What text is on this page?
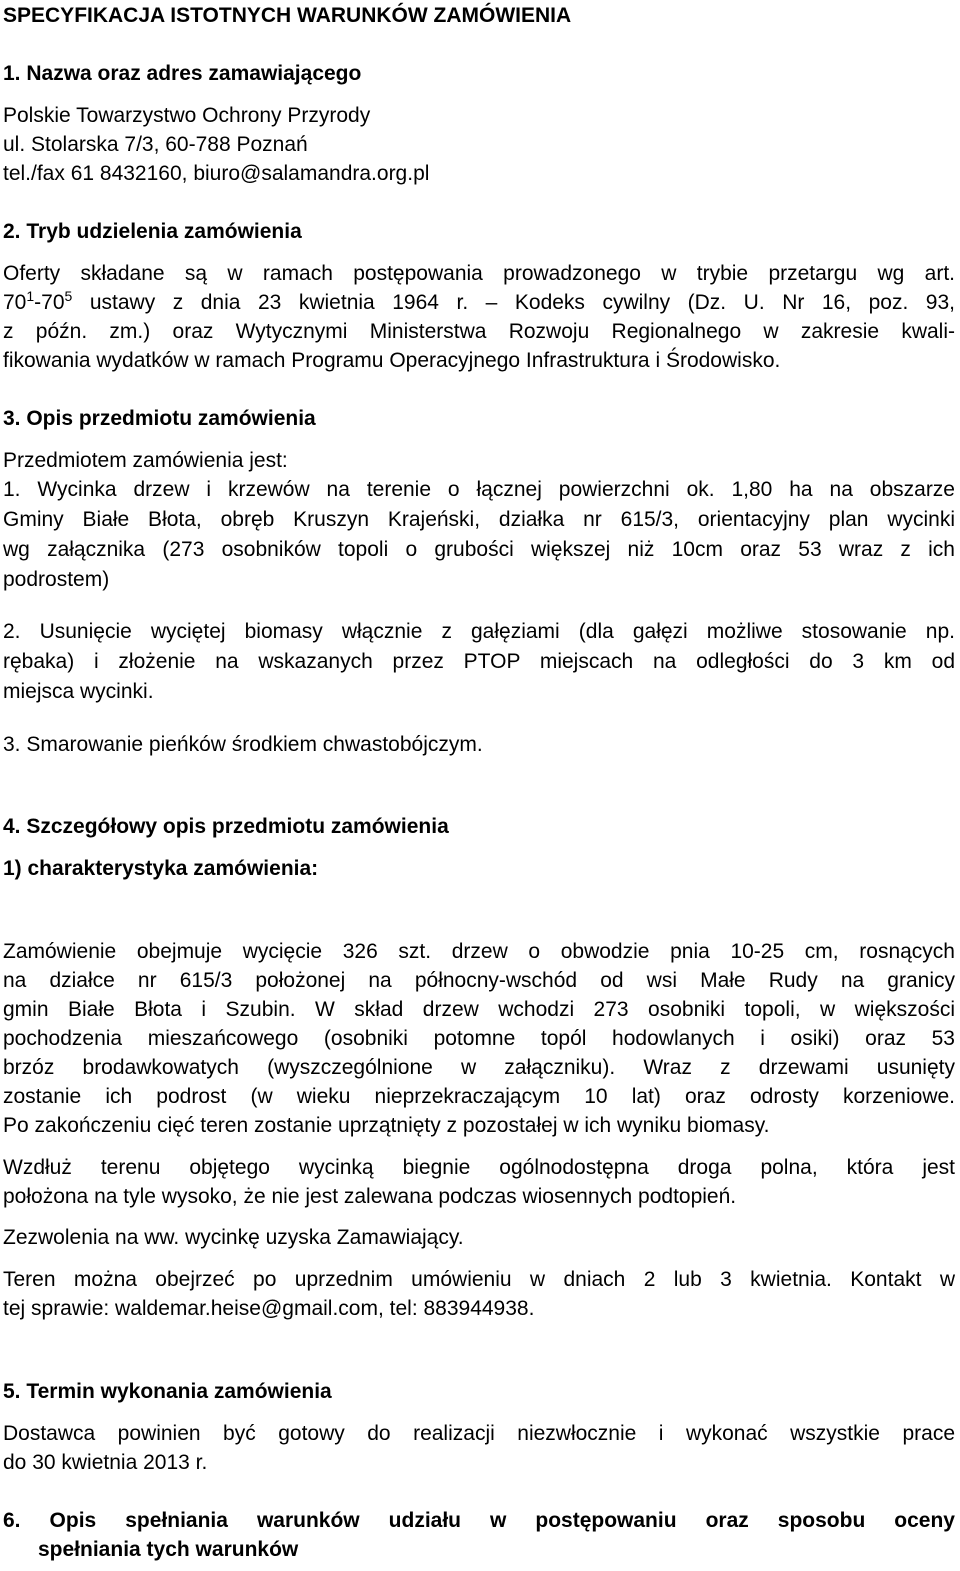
SPECYFIKACJA ISTOTNYCH WARUNKÓW ZAMÓWIENIA
1. Nazwa oraz adres zamawiającego
Polskie Towarzystwo Ochrony Przyrody
ul. Stolarska 7/3, 60-788 Poznań
tel./fax 61 8432160, biuro@salamandra.org.pl
2. Tryb udzielenia zamówienia
Oferty składane są w ramach postępowania prowadzonego w trybie przetargu wg art.
$70^1-70^5$ ustawy z dnia 23 kwietnia 1964 r. – Kodeks cywilny (Dz. U. Nr 16, poz. 93,
z późn. zm.) oraz Wytycznymi Ministerstwa Rozwoju Regionalnego w zakresie kwali-
fikowania wydatków w ramach Programu Operacyjnego Infrastruktura i Środowisko.
3. Opis przedmiotu zamówienia
Przedmiotem zamówienia jest:
1. Wycinka drzew i krzewów na terenie o łącznej powierzchni ok. 1,80 ha na obszarze
Gminy Białe Błota, obręb Kruszyn Krajeński, działka nr 615/3, orientacyjny plan wycinki
wg załącznika (273 osobników topoli o grubości większej niż 10cm oraz 53 wraz z ich
podrostem)
2. Usunięcie wyciętej biomasy włącznie z gałęziami (dla gałęzi możliwe stosowanie np.
rębaka) i złożenie na wskazanych przez PTOP miejscach na odległości do 3 km od
miejsca wycinki.
3. Smarowanie pieńków środkiem chwastobójczym.
4. Szczegółowy opis przedmiotu zamówienia
1) charakterystyka zamówienia:
Zamówienie obejmuje wycięcie 326 szt. drzew o obwodzie pnia 10-25 cm, rosnących
na działce nr 615/3 położonej na północny-wschód od wsi Małe Rudy na granicy
gmin Białe Błota i Szubin. W skład drzew wchodzi 273 osobniki topoli, w większości
pochodzenia mieszańcowego (osobniki potomne topól hodowlanych i osiki) oraz 53
brzóz brodawkowatych (wyszczególnione w załączniku). Wraz z drzewami usunięty
zostanie ich podrost (w wieku nieprzekraczającym 10 lat) oraz odrosty korzeniowe.
Po zakończeniu cięć teren zostanie uprzątnięty z pozostałej w ich wyniku biomasy.
Wzdłuż terenu objętego wycinką biegnie ogólnodostępna droga polna, która jest
położona na tyle wysoko, że nie jest zalewana podczas wiosennych podtopień.
Zezwolenia na ww. wycinkę uzyska Zamawiający.
Teren można obejrzeć po uprzednim umówieniu w dniach 2 lub 3 kwietnia. Kontakt w
tej sprawie: waldemar.heise@gmail.com, tel: 883944938.
5. Termin wykonania zamówienia
Dostawca powinien być gotowy do realizacji niezwłocznie i wykonać wszystkie prace
do 30 kwietnia 2013 r.
6. Opis spełniania warunków udziału w postępowaniu oraz sposobu oceny
spełniania tych warunków
